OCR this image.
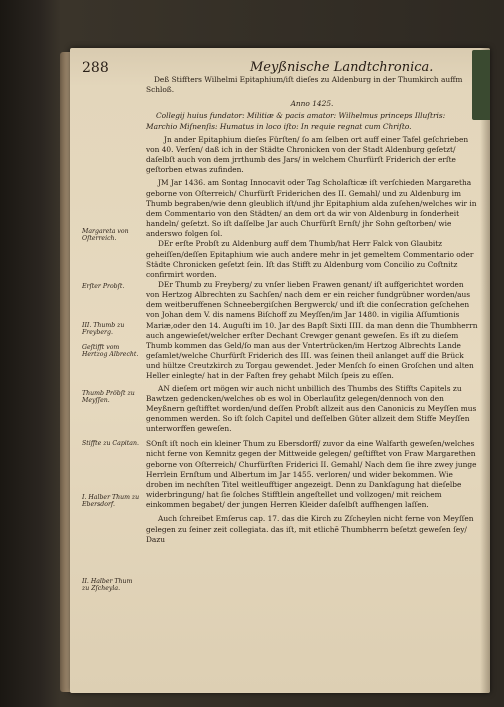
288	Meyßnische Landtchronica.
Margareta von Oſterreich.
Erſter Probſt.
III. Thumb zu Freyberg.
Geſtifft vom Hertzog Albrecht.
Thumb Pröbſt zu Meyſſen.
Stiffte zu Capitan.
I. Halber Thum zu Ebersdorf.
II. Halber Thum zu Zſcheyla.

Deß Stiffters Wilhelmi Epitaphium/iſt dieſes zu Aldenburg in der Thumkirch auffm Schloß.

Anno 1425.

Collegij huius fundator: Militiæ & pacis amator: Wilhelmus princeps Illuſtris: Marchio Miſnenſis: Humatus in loco iſto: In requie regnat cum Chriſto.

Jn ander Epitaphium dieſes Fürſten/ ſo am ſelben ort auff einer Tafel geſchrieben von 40. Verſen/ daß ich in der Städte Chronicken von der Stadt Aldenburg geſetzt/ daſelbſt auch von dem jrrthumb des Jars/ in welchem Churfürſt Friderich der erſte geſtorben etwas zufinden.

JM Jar 1436. am Sontag Innocavit oder Tag Scholaſticæ iſt verſchieden Margaretha geborne von Oſterreich/ Churfürſt Friderichen des II. Gemahl/ und zu Aldenburg im Thumb begraben/wie denn gleublich iſt/und jhr Epitaphium alda zuſehen/welches wir in dem Commentario von den Städten/ an dem ort da wir von Aldenburg in ſonderheit handeln/ geſetzt. So iſt daſſelbe Jar auch Churfürſt Ernſt/ jhr Sohn geſtorben/ wie anderswo folgen ſol.

DEr erſte Probſt zu Aldenburg auff dem Thumb/hat Herr Falck von Glaubitz geheiſſen/deſſen Epitaphium wie auch andere mehr in jet gemeltem Commentario oder Städte Chronicken geſetzt ſein. Iſt das Stifft zu Aldenburg vom Concilio zu Coſtnitz confirmirt worden.

DEr Thumb zu Freyberg/ zu vnſer lieben Frawen genant/ iſt auffgerichtet worden von Hertzog Albrechten zu Sachſen/ nach dem er ein reicher fundgrübner worden/aus dem weitberuffenen Schneebergiſchen Bergwerck/ und iſt die conſecration geſchehen von Johan dem V. dis namens Biſchoff zu Meyſſen/im Jar 1480. in vigilia Aſſumtionis Mariæ,oder den 14. Auguſti im 10. Jar des Bapſt Sixti IIII. da man denn die Thumbherrn auch angewieſet/welcher erſter Dechant Crewger genant geweſen. Es iſt zu dieſem Thumb kommen das Geld/ſo man aus der Vntertrücken/im Hertzog Albrechts Lande geſamlet/welche Churfürſt Friderich des III. was ſeinen theil anlanget auff die Brück und hültze Creutzkirch zu Torgau gewendet. Jeder Menſch ſo einen Groſchen und alten Heller einlegte/ hat in der Faſten frey gehabt Milch ſpeis zu eſſen.

AN dieſem ort mögen wir auch nicht unbillich des Thumbs des Stiffts Capitels zu Bawtzen gedencken/welches ob es wol in Oberlauſitz gelegen/dennoch von den Meyßnern geſtifftet worden/und deſſen Probſt allzeit aus den Canonicis zu Meyſſen mus genommen werden. So iſt ſolch Capitel und deſſelben Güter allzeit dem Stiffe Meyſſen unterworffen geweſen.

SOnſt iſt noch ein kleiner Thum zu Ebersdorff/ zuvor da eine Walfarth geweſen/welches nicht ferne von Kemnitz gegen der Mittweide gelegen/ geſtifftet von Fraw Margarethen geborne von Oſterreich/ Churfürſten Friderici II. Gemahl/ Nach dem ſie ihre zwey junge Herrlein Ernſtum und Albertum im Jar 1455. verloren/ und wider bekommen. Wie droben im nechſten Titel weitleufftiger angezeigt. Denn zu Dankſagung hat dieſelbe widerbringung/ hat ſie ſolches Stifftlein angeſtellet und vollzogen/ mit reichem einkommen begabet/ der jungen Herren Kleider daſelbſt auffhengen laſſen.

Auch ſchreibet Emſerus cap. 17. das die Kirch zu Zſcheylen nicht ferne von Meyſſen gelegen zu ſeiner zeit collegiata. das iſt, mit etlichē Thumbherrn beſetzt geweſen ſey/ Dazu
